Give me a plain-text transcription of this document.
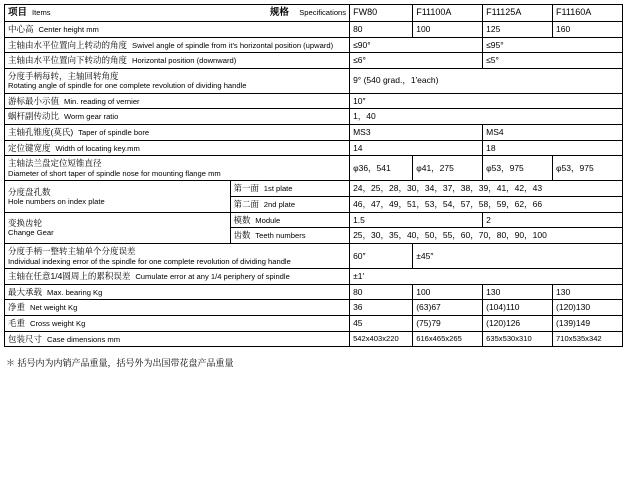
项目 Items 规格 Specifications		FW80	F11100A	F11125A	F11160A
中心高 Center height mm		80	100	125	160
主轴由水平位置向上转动的角度 Swivel angle of spindle from it's horizontal position (upward)		≤90°		≤95°	
主轴由水平位置向下转动的角度 Horizontal position (downward)		≤6°		≤5°	

分度手柄每转，主轴回转角度
Rotating angle of spindle for one complete revolution of dividing handle		9° (540 grad.，1′each)			
游标最小示值 Min. reading of vernier		10″			
蜗杆副传动比 Worm gear ratio		1，40			
主轴孔锥度(莫氏) Taper of spindle bore		MS3		MS4	
定位键宽度 Width of locating key.mm		14		18	

主轴法兰盘定位短锥直径
Diameter of short taper of spindle nose for mounting flange mm		φ36，541	φ41，275	φ53，975	φ53，975

分度盘孔数
Hole numbers on index plate	第一面 1st plate	24，25，28，30，34，37，38，39，41，42，43			
	第二面 2nd plate	46，47，49，51，53，54，57，58，59，62，66			

变换齿轮
Change Gear	模数 Module	1.5		2	
	齿数 Teeth numbers	25，30，35，40，50，55，60，70，80，90，100			

分度手柄一整转主轴单个分度误差
Individual indexing error of the spindle for one complete revolution of dividing handle		60″	±45″		
主轴在任意1/4圆周上的累积误差 Cumulate error at any 1/4 periphery of spindle		±1′			
最大承载 Max. bearing Kg		80	100	130	130
净重 Net weight Kg		36	(63)67	(104)110	(120)130
毛重 Cross weight Kg		45	(75)79	(120)126	(139)149
包装尺寸 Case dimensions mm		542x403x220	616x465x265	635x530x310	710x535x342
＊ 括号内为内销产品重量，括号外为出国带花盘产品重量
